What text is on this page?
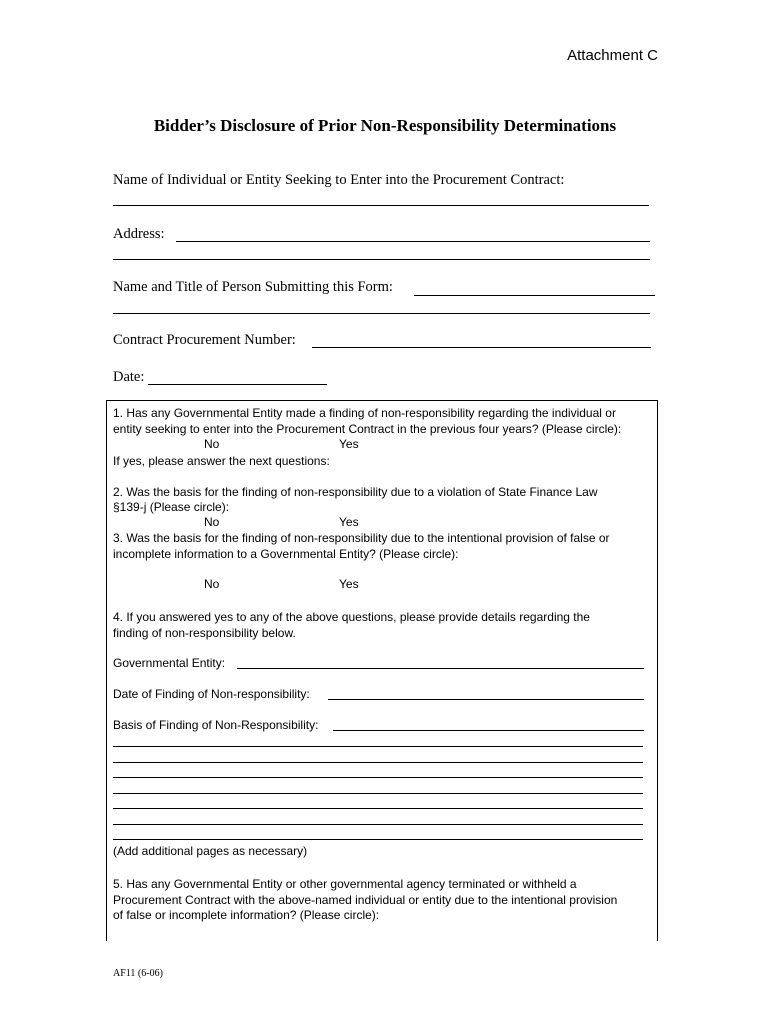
Attachment C
Bidder’s Disclosure of Prior Non-Responsibility Determinations
Name of Individual or Entity Seeking to Enter into the Procurement Contract:
Address:
Name and Title of Person Submitting this Form:
Contract Procurement Number:
Date:
1. Has any Governmental Entity made a finding of non-responsibility regarding the individual or
entity seeking to enter into the Procurement Contract in the previous four years? (Please circle):
No	Yes
If yes, please answer the next questions:
2. Was the basis for the finding of non-responsibility due to a violation of State Finance Law
§139-j (Please circle):
No	Yes
3. Was the basis for the finding of non-responsibility due to the intentional provision of false or
incomplete information to a Governmental Entity? (Please circle):
No	Yes
4. If you answered yes to any of the above questions, please provide details regarding the
finding of non-responsibility below.
Governmental Entity:
Date of Finding of Non-responsibility:
Basis of Finding of Non-Responsibility:
(Add additional pages as necessary)
5. Has any Governmental Entity or other governmental agency terminated or withheld a
Procurement Contract with the above-named individual or entity due to the intentional provision
of false or incomplete information? (Please circle):
AF11 (6-06)
